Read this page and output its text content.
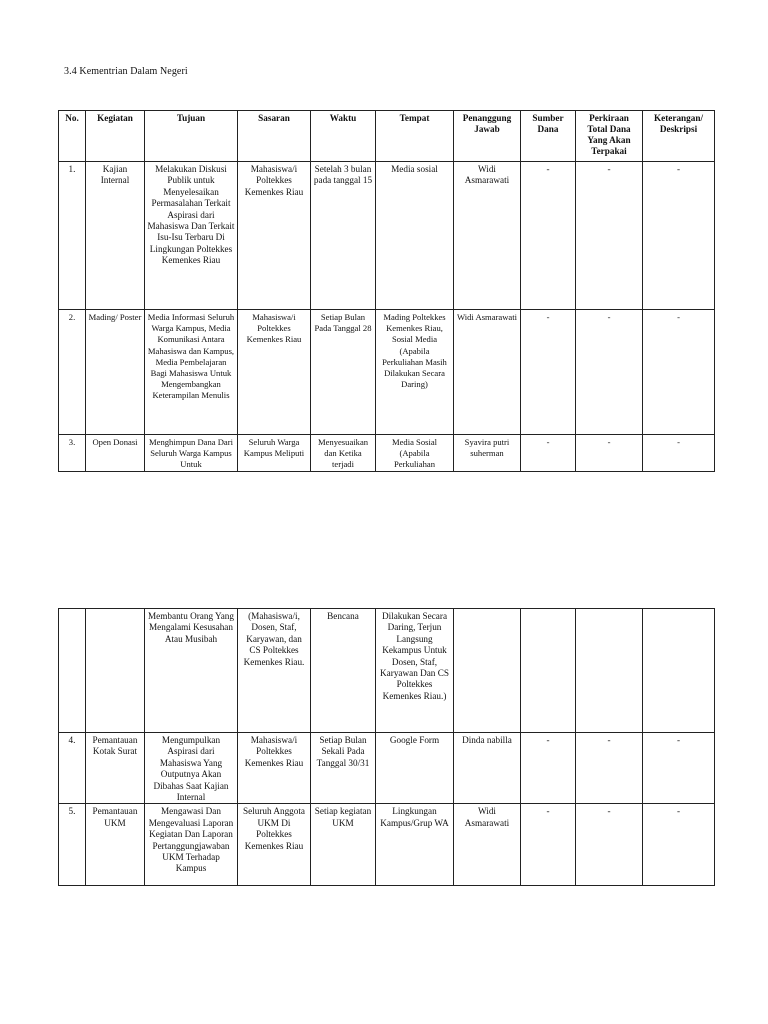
3.4 Kementrian Dalam Negeri
No.	Kegiatan	Tujuan	Sasaran	Waktu	Tempat	Penanggung Jawab	Sumber Dana	Perkiraan Total Dana Yang Akan Terpakai	Keterangan/ Deskripsi
1.	Kajian Internal	Melakukan Diskusi Publik untuk Menyelesaikan Permasalahan Terkait Aspirasi dari Mahasiswa Dan Terkait Isu-Isu Terbaru Di Lingkungan Poltekkes Kemenkes Riau	Mahasiswa/i Poltekkes Kemenkes Riau	Setelah 3 bulan pada tanggal 15	Media sosial	Widi Asmarawati	-	-	-
2.	Mading/ Poster	Media Informasi Seluruh Warga Kampus, Media Komunikasi Antara Mahasiswa dan Kampus, Media Pembelajaran Bagi Mahasiswa Untuk Mengembangkan Keterampilan Menulis	Mahasiswa/i Poltekkes Kemenkes Riau	Setiap Bulan Pada Tanggal 28	Mading Poltekkes Kemenkes Riau, Sosial Media (Apabila Perkuliahan Masih Dilakukan Secara Daring)	Widi Asmarawati	-	-	-
3.	Open Donasi	Menghimpun Dana Dari Seluruh Warga Kampus Untuk	Seluruh Warga Kampus Meliputi	Menyesuaikan dan Ketika terjadi	Media Sosial (Apabila Perkuliahan	Syavira putri suherman	-	-	-
		Membantu Orang Yang Mengalami Kesusahan Atau Musibah	(Mahasiswa/i, Dosen, Staf, Karyawan, dan CS Poltekkes Kemenkes Riau.	Bencana	Dilakukan Secara Daring, Terjun Langsung Kekampus Untuk Dosen, Staf, Karyawan Dan CS Poltekkes Kemenkes Riau.)				
4.	Pemantauan Kotak Surat	Mengumpulkan Aspirasi dari Mahasiswa Yang Outputnya Akan Dibahas Saat Kajian Internal	Mahasiswa/i Poltekkes Kemenkes Riau	Setiap Bulan Sekali Pada Tanggal 30/31	Google Form	Dinda nabilla	-	-	-
5.	Pemantauan UKM	Mengawasi Dan Mengevaluasi Laporan Kegiatan Dan Laporan Pertanggungjawaban UKM Terhadap Kampus	Seluruh Anggota UKM Di Poltekkes Kemenkes Riau	Setiap kegiatan UKM	Lingkungan Kampus/Grup WA	Widi Asmarawati	-	-	-
